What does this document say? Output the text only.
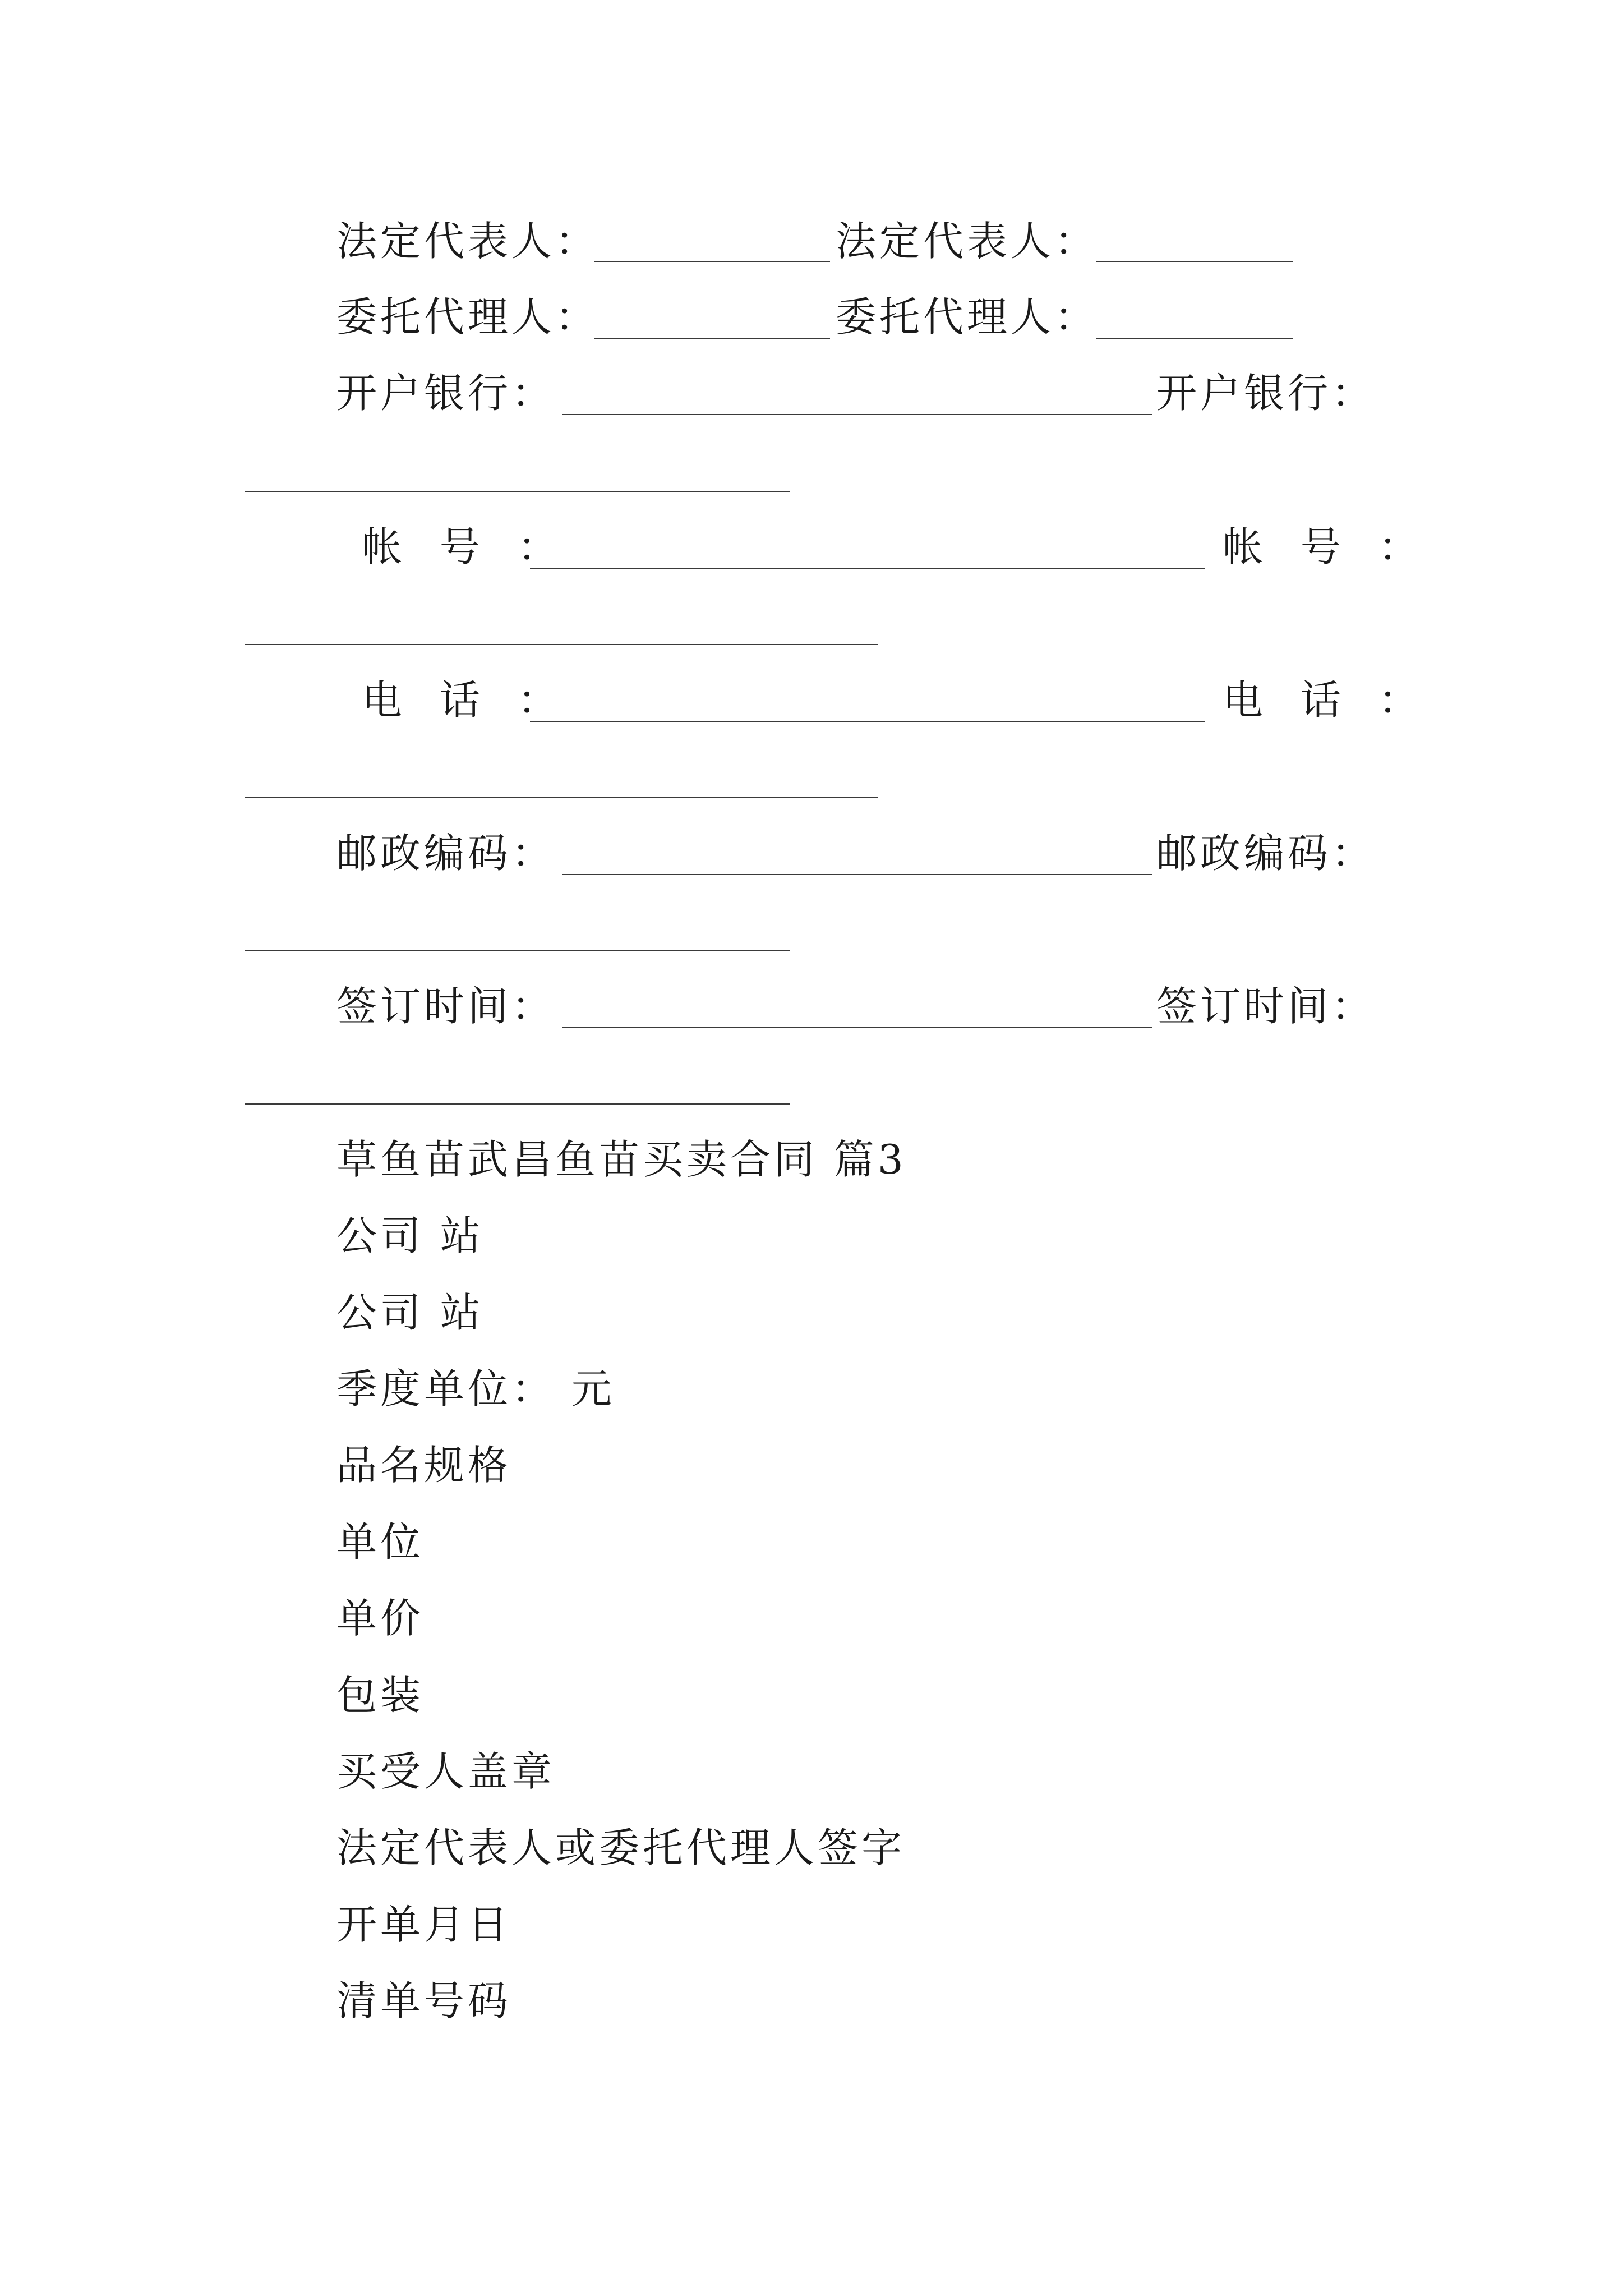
法定代表人：	法定代表人：
委托代理人：	委托代理人：
开户银行：	开户银行：
帐 号 ：	帐 号 ：
电 话 ：	电 话 ：
邮政编码：	邮政编码：
签订时间：	签订时间：
草鱼苗武昌鱼苗买卖合同 篇3
公司 站
公司 站
季度单位： 元
品名规格
单位
单价
包装
买受人盖章
法定代表人或委托代理人签字
开单月日
清单号码
